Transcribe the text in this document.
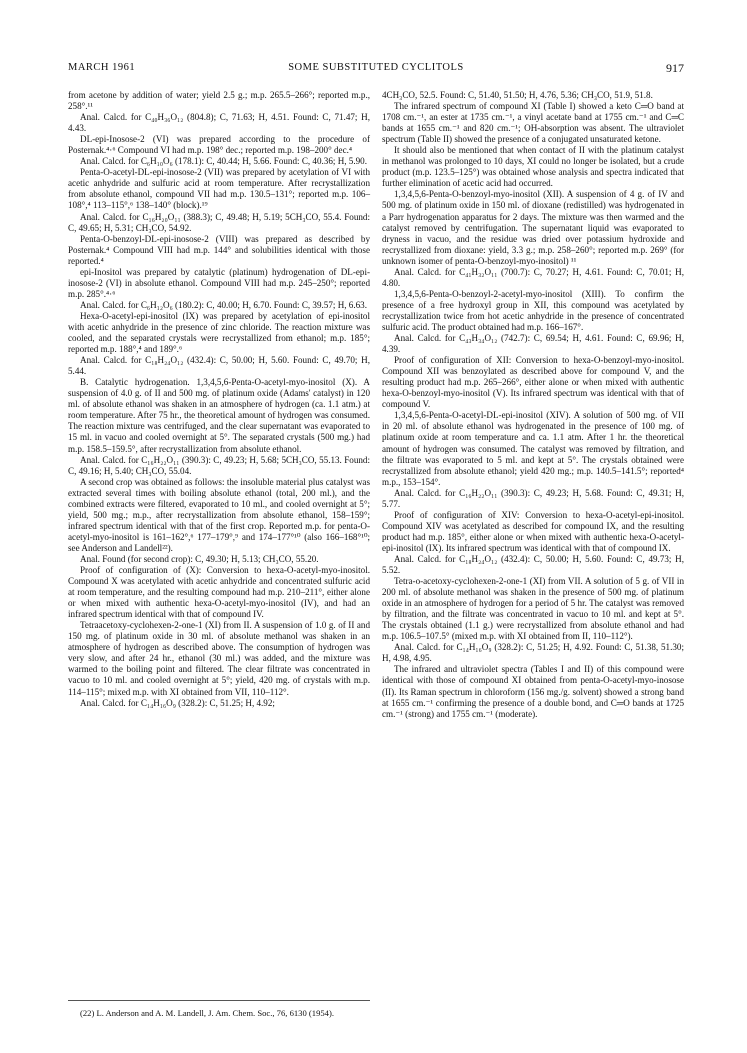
MARCH 1961	SOME SUBSTITUTED CYCLITOLS	917

from acetone by addition of water; yield 2.5 g.; m.p. 265.5–266°; reported m.p., 258°.¹¹

Anal. Calcd. for C₄₀H₃₆O₁₂ (804.8); C, 71.63; H, 4.51. Found: C, 71.47; H, 4.43.

DL-epi-Inosose-2 (VI) was prepared according to the procedure of Posternak.⁴·⁶ Compound VI had m.p. 198° dec.; reported m.p. 198–200° dec.⁴

Anal. Calcd. for C₆H₁₀O₆ (178.1): C, 40.44; H, 5.66. Found: C, 40.36; H, 5.90.

Penta-O-acetyl-DL-epi-inosose-2 (VII) was prepared by acetylation of VI with acetic anhydride and sulfuric acid at room temperature. After recrystallization from absolute ethanol, compound VII had m.p. 130.5–131°; reported m.p. 106–108°,⁴ 113–115°,⁶ 138–140° (block).¹⁹

Anal. Calcd. for C₁₆H₂₀O₁₁ (388.3); C, 49.48; H, 5.19; 5CH₃CO, 55.4. Found: C, 49.65; H, 5.31; CH₃CO, 54.92.

Penta-O-benzoyl-DL-epi-inosose-2 (VIII) was prepared as described by Posternak.⁴ Compound VIII had m.p. 144° and solubilities identical with those reported.⁴

epi-Inositol was prepared by catalytic (platinum) hydrogenation of DL-epi-inosose-2 (VI) in absolute ethanol. Compound VIII had m.p. 245–250°; reported m.p. 285°.⁴·⁶

Anal. Calcd. for C₆H₁₂O₆ (180.2): C, 40.00; H, 6.70. Found: C, 39.57; H, 6.63.

Hexa-O-acetyl-epi-inositol (IX) was prepared by acetylation of epi-inositol with acetic anhydride in the presence of zinc chloride. The reaction mixture was cooled, and the separated crystals were recrystallized from ethanol; m.p. 185°; reported m.p. 188°,⁴ and 189°.⁶

Anal. Calcd. for C₁₈H₂₄O₁₂ (432.4): C, 50.00; H, 5.60. Found: C, 49.70; H, 5.44.

B. Catalytic hydrogenation. 1,3,4,5,6-Penta-O-acetyl-myo-inositol (X). A suspension of 4.0 g. of II and 500 mg. of platinum oxide (Adams' catalyst) in 120 ml. of absolute ethanol was shaken in an atmosphere of hydrogen (ca. 1.1 atm.) at room temperature. After 75 hr., the theoretical amount of hydrogen was consumed. The reaction mixture was centrifuged, and the clear supernatant was evaporated to 15 ml. in vacuo and cooled overnight at 5°. The separated crystals (500 mg.) had m.p. 158.5–159.5°, after recrystallization from absolute ethanol.

Anal. Calcd. for C₁₆H₂₂O₁₁ (390.3): C, 49.23; H, 5.68; 5CH₃CO, 55.13. Found: C, 49.16; H, 5.40; CH₃CO, 55.04.

A second crop was obtained as follows: the insoluble material plus catalyst was extracted several times with boiling absolute ethanol (total, 200 ml.), and the combined extracts were filtered, evaporated to 10 ml., and cooled overnight at 5°; yield, 500 mg.; m.p., after recrystallization from absolute ethanol, 158–159°; infrared spectrum identical with that of the first crop. Reported m.p. for penta-O-acetyl-myo-inositol is 161–162°,⁶ 177–179°,⁹ and 174–177°¹⁰ (also 166–168°¹⁰; see Anderson and Landell²²).

Anal. Found (for second crop): C, 49.30; H, 5.13; CH₃CO, 55.20.

Proof of configuration of (X): Conversion to hexa-O-acetyl-myo-inositol. Compound X was acetylated with acetic anhydride and concentrated sulfuric acid at room temperature, and the resulting compound had m.p. 210–211°, either alone or when mixed with authentic hexa-O-acetyl-myo-inositol (IV), and had an infrared spectrum identical with that of compound IV.

Tetraacetoxy-cyclohexen-2-one-1 (XI) from II. A suspension of 1.0 g. of II and 150 mg. of platinum oxide in 30 ml. of absolute methanol was shaken in an atmosphere of hydrogen as described above. The consumption of hydrogen was very slow, and after 24 hr., ethanol (30 ml.) was added, and the mixture was warmed to the boiling point and filtered. The clear filtrate was concentrated in vacuo to 10 ml. and cooled overnight at 5°; yield, 420 mg. of crystals with m.p. 114–115°; mixed m.p. with XI obtained from VII, 110–112°.

Anal. Calcd. for C₁₄H₁₆O₉ (328.2): C, 51.25; H, 4.92;

4CH₃CO, 52.5. Found: C, 51.40, 51.50; H, 4.76, 5.36; CH₃CO, 51.9, 51.8.

The infrared spectrum of compound XI (Table I) showed a keto C═O band at 1708 cm.⁻¹, an ester at 1735 cm.⁻¹, a vinyl acetate band at 1755 cm.⁻¹ and C═C bands at 1655 cm.⁻¹ and 820 cm.⁻¹; OH-absorption was absent. The ultraviolet spectrum (Table II) showed the presence of a conjugated unsaturated ketone.

It should also be mentioned that when contact of II with the platinum catalyst in methanol was prolonged to 10 days, XI could no longer be isolated, but a crude product (m.p. 123.5–125°) was obtained whose analysis and spectra indicated that further elimination of acetic acid had occurred.

1,3,4,5,6-Penta-O-benzoyl-myo-inositol (XII). A suspension of 4 g. of IV and 500 mg. of platinum oxide in 150 ml. of dioxane (redistilled) was hydrogenated in a Parr hydrogenation apparatus for 2 days. The mixture was then warmed and the catalyst removed by centrifugation. The supernatant liquid was evaporated to dryness in vacuo, and the residue was dried over potassium hydroxide and recrystallized from dioxane: yield, 3.3 g.; m.p. 258–260°; reported m.p. 269° (for unknown isomer of penta-O-benzoyl-myo-inositol) ¹¹

Anal. Calcd. for C₄₁H₃₂O₁₁ (700.7): C, 70.27; H, 4.61. Found: C, 70.01; H, 4.80.

1,3,4,5,6-Penta-O-benzoyl-2-acetyl-myo-inositol (XIII). To confirm the presence of a free hydroxyl group in XII, this compound was acetylated by recrystallization twice from hot acetic anhydride in the presence of concentrated sulfuric acid. The product obtained had m.p. 166–167°.

Anal. Calcd. for C₄₃H₃₄O₁₂ (742.7): C, 69.54; H, 4.61. Found: C, 69.96; H, 4.39.

Proof of configuration of XII: Conversion to hexa-O-benzoyl-myo-inositol. Compound XII was benzoylated as described above for compound V, and the resulting product had m.p. 265–266°, either alone or when mixed with authentic hexa-O-benzoyl-myo-inositol (V). Its infrared spectrum was identical with that of compound V.

1,3,4,5,6-Penta-O-acetyl-DL-epi-inositol (XIV). A solution of 500 mg. of VII in 20 ml. of absolute ethanol was hydrogenated in the presence of 100 mg. of platinum oxide at room temperature and ca. 1.1 atm. After 1 hr. the theoretical amount of hydrogen was consumed. The catalyst was removed by filtration, and the filtrate was evaporated to 5 ml. and kept at 5°. The crystals obtained were recrystallized from absolute ethanol; yield 420 mg.; m.p. 140.5–141.5°; reported⁴ m.p., 153–154°.

Anal. Calcd. for C₁₆H₂₂O₁₁ (390.3): C, 49.23; H, 5.68. Found: C, 49.31; H, 5.77.

Proof of configuration of XIV: Conversion to hexa-O-acetyl-epi-inositol. Compound XIV was acetylated as described for compound IX, and the resulting product had m.p. 185°, either alone or when mixed with authentic hexa-O-acetyl-epi-inositol (IX). Its infrared spectrum was identical with that of compound IX.

Anal. Calcd. for C₁₈H₂₄O₁₂ (432.4): C, 50.00; H, 5.60. Found: C, 49.73; H, 5.52.

Tetra-o-acetoxy-cyclohexen-2-one-1 (XI) from VII. A solution of 5 g. of VII in 200 ml. of absolute methanol was shaken in the presence of 500 mg. of platinum oxide in an atmosphere of hydrogen for a period of 5 hr. The catalyst was removed by filtration, and the filtrate was concentrated in vacuo to 10 ml. and kept at 5°. The crystals obtained (1.1 g.) were recrystallized from absolute ethanol and had m.p. 106.5–107.5° (mixed m.p. with XI obtained from II, 110–112°).

Anal. Calcd. for C₁₄H₁₆O₉ (328.2): C, 51.25; H, 4.92. Found: C, 51.38, 51.30; H, 4.98, 4.95.

The infrared and ultraviolet spectra (Tables I and II) of this compound were identical with those of compound XI obtained from penta-O-acetyl-myo-inosose (II). Its Raman spectrum in chloroform (156 mg./g. solvent) showed a strong band at 1655 cm.⁻¹ confirming the presence of a double bond, and C═O bands at 1725 cm.⁻¹ (strong) and 1755 cm.⁻¹ (moderate).

(22) L. Anderson and A. M. Landell, J. Am. Chem. Soc., 76, 6130 (1954).
